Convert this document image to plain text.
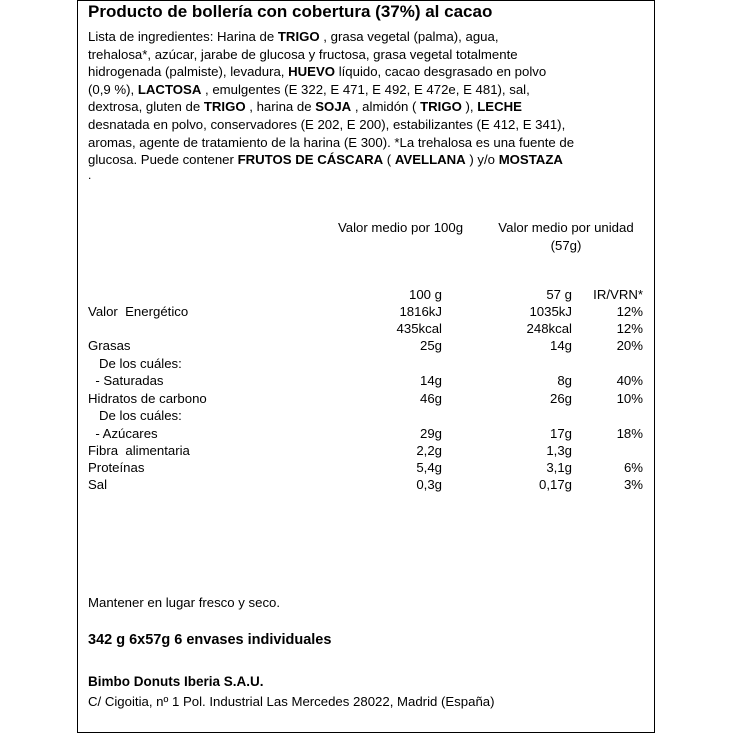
Producto de bollería con cobertura (37%) al cacao

Lista de ingredientes: Harina de TRIGO , grasa vegetal (palma), agua,

trehalosa*, azúcar, jarabe de glucosa y fructosa, grasa vegetal totalmente

hidrogenada (palmiste), levadura, HUEVO líquido, cacao desgrasado en polvo

(0,9 %), LACTOSA , emulgentes (E 322, E 471, E 492, E 472e, E 481), sal,

dextrosa, gluten de TRIGO , harina de SOJA , almidón ( TRIGO ), LECHE

desnatada en polvo, conservadores (E 202, E 200), estabilizantes (E 412, E 341),

aromas, agente de tratamiento de la harina (E 300). *La trehalosa es una fuente de

glucosa. Puede contener FRUTOS DE CÁSCARA ( AVELLANA ) y/o MOSTAZA

.
Valor medio por 100g	Valor medio por unidad
(57g)
100 g	57 g IR/VRN*
Valor  Energético	1816kJ	1035kJ	12%
435kcal	248kcal	12%
Grasas	25g	14g	20%
De los cuáles:
- Saturadas	14g	8g	40%
Hidratos de carbono	46g	26g	10%
De los cuáles:
- Azúcares	29g	17g	18%
Fibra  alimentaria	2,2g	1,3g
Proteínas	5,4g	3,1g	6%
Sal	0,3g	0,17g	3%
Mantener en lugar fresco y seco.
342 g 6x57g 6 envases individuales
Bimbo Donuts Iberia S.A.U.
C/ Cigoitia, nº 1 Pol. Industrial Las Mercedes 28022, Madrid (España)
